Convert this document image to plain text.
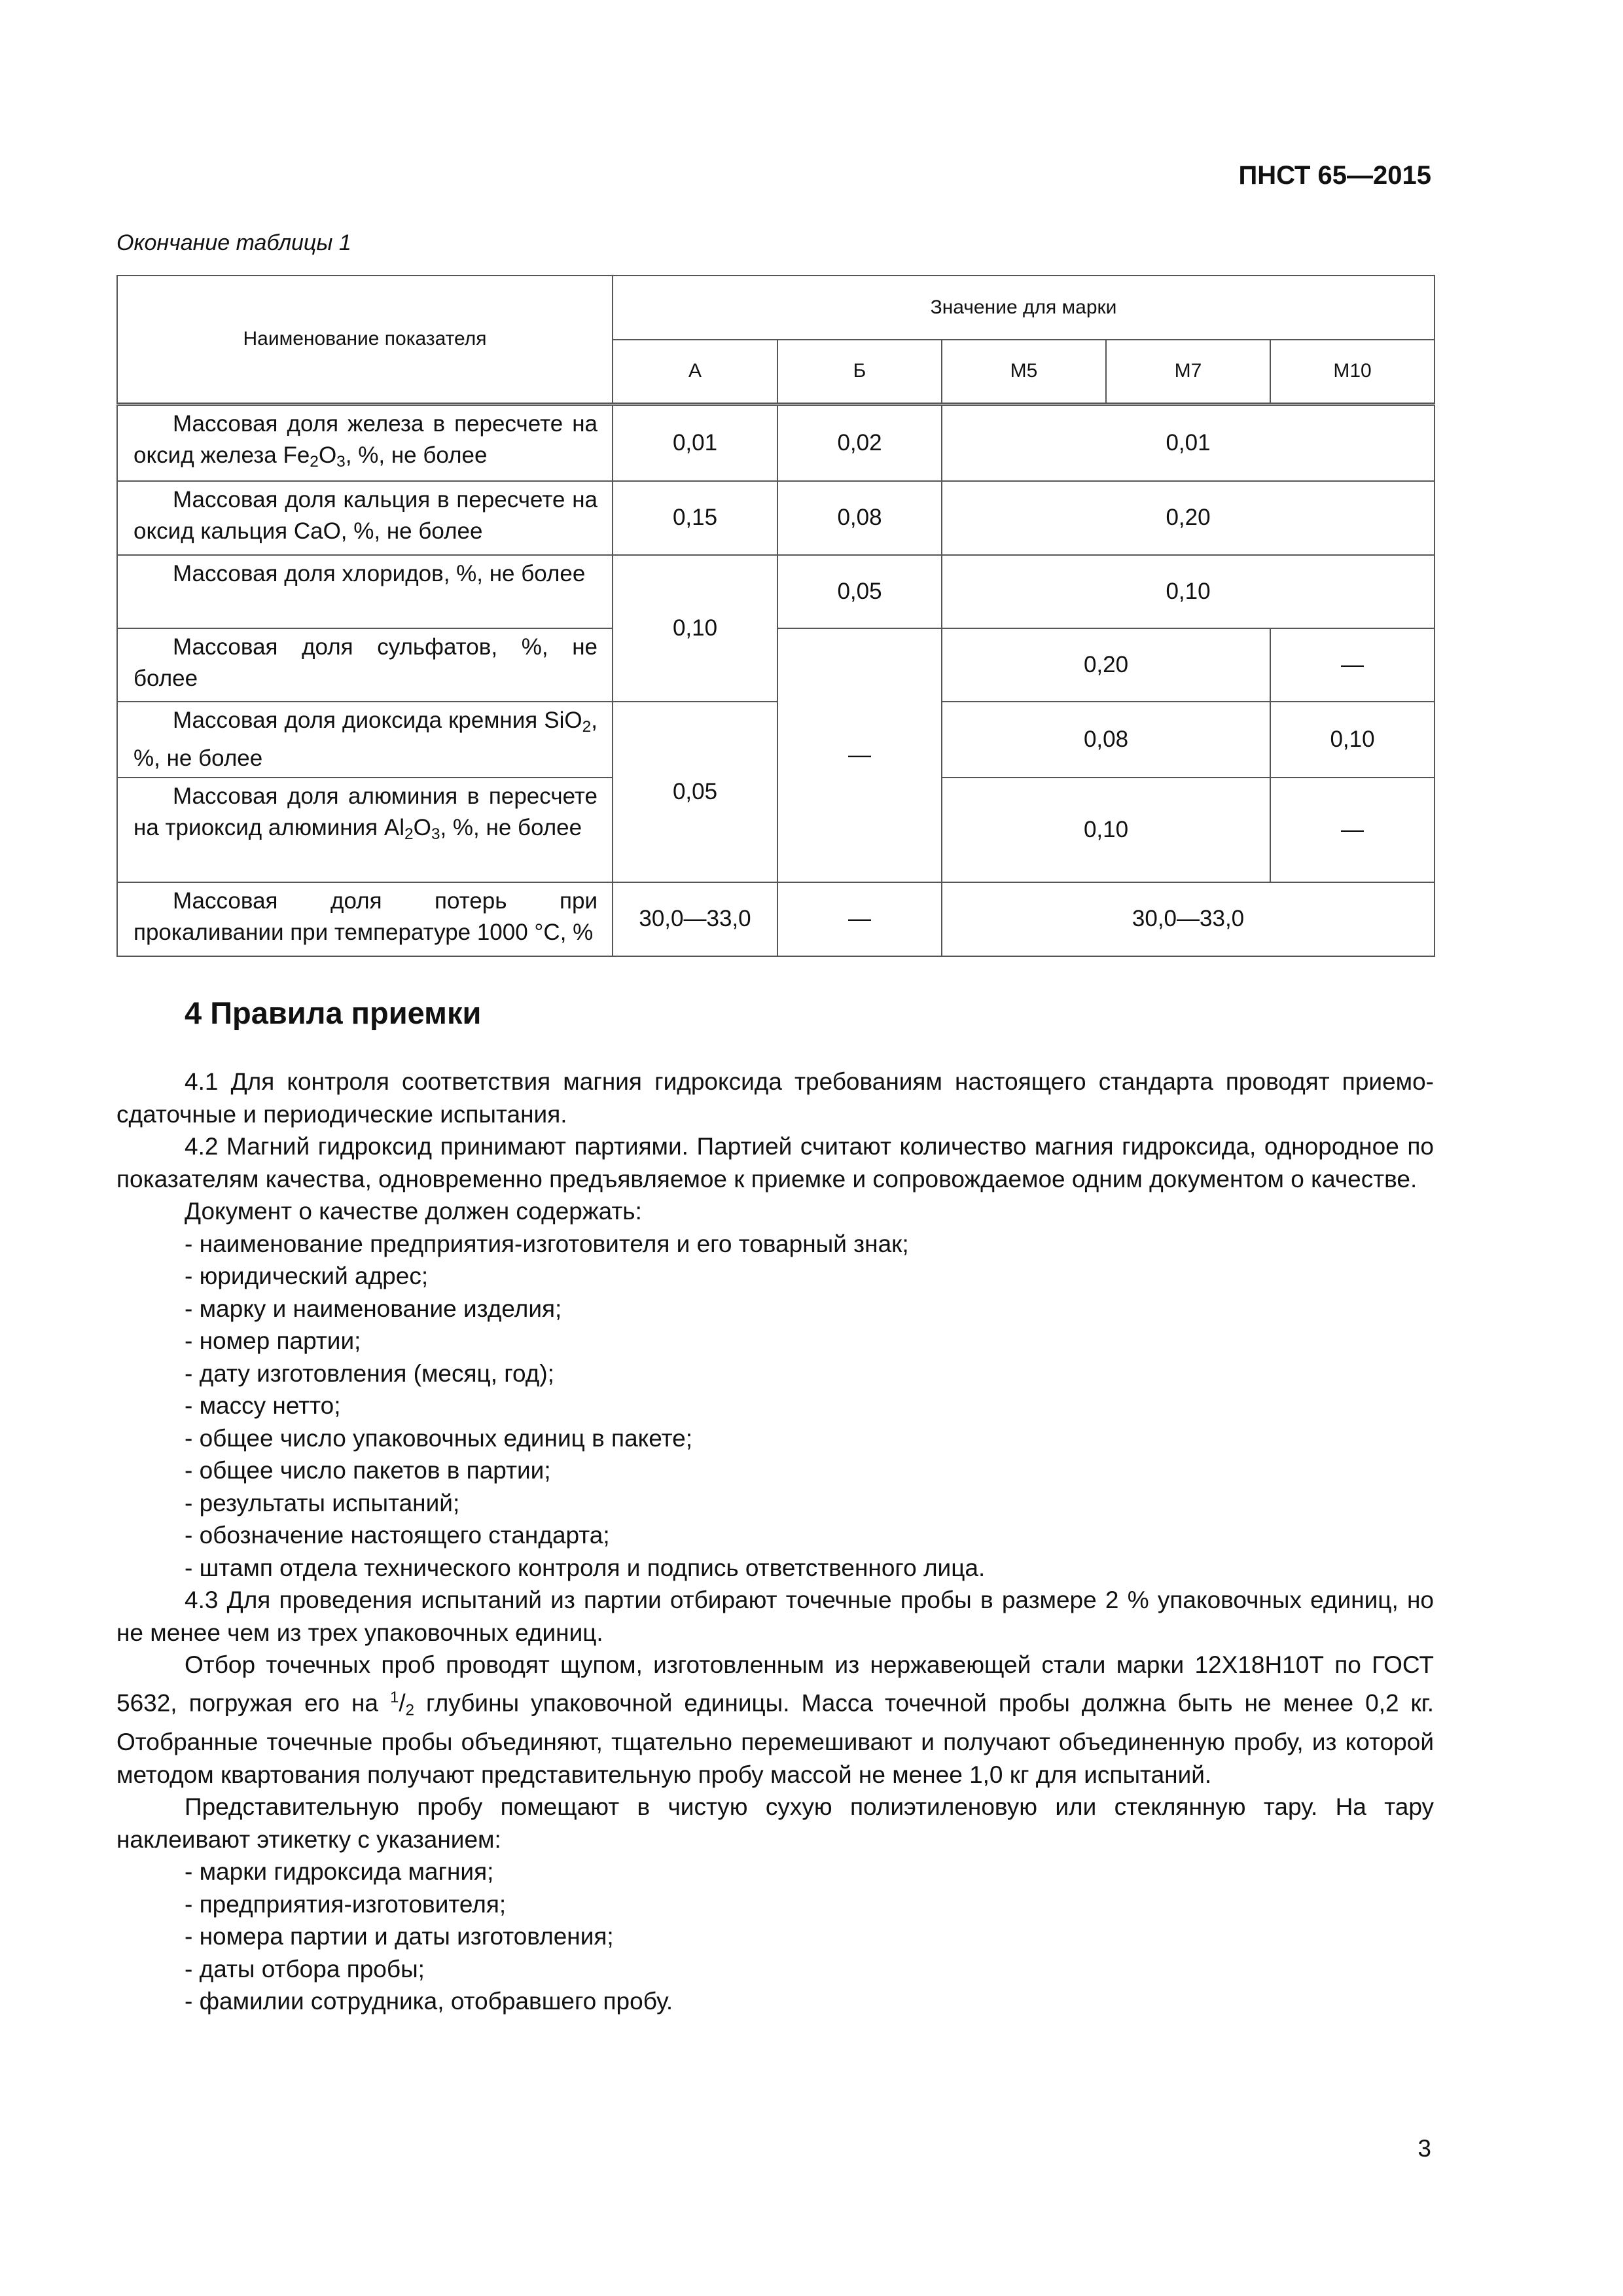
ПНСТ 65—2015
Окончание таблицы 1
Наименование показателя	Значение для марки				
	А	Б	М5	М7	М10
Массовая доля железа в пересчете на оксид железа $Fe_2O_3$, %, не более	0,01	0,02	0,01		
Массовая доля кальция в пересчете на оксид кальция CaO, %, не более	0,15	0,08	0,20		
Массовая доля хлоридов, %, не более	0,10	0,05	0,10		
Массовая доля сульфатов, %, не более		—	0,20		—
Массовая доля диоксида кремния SiO$_2$, %, не более	0,05		0,08		0,10
Массовая доля алюминия в пересчете на триоксид алюминия $Al_2O_3$, %, не более			0,10		—
Массовая доля потерь при прокаливании при температуре 1000 °C, %	30,0—33,0	—	30,0—33,0		
4 Правила приемки

4.1 Для контроля соответствия магния гидроксида требованиям настоящего стандарта проводят приемо-сдаточные и периодические испытания.

4.2 Магний гидроксид принимают партиями. Партией считают количество магния гидроксида, однородное по показателям качества, одновременно предъявляемое к приемке и сопровождаемое одним документом о качестве.

Документ о качестве должен содержать:

- наименование предприятия-изготовителя и его товарный знак;

- юридический адрес;

- марку и наименование изделия;

- номер партии;

- дату изготовления (месяц, год);

- массу нетто;

- общее число упаковочных единиц в пакете;

- общее число пакетов в партии;

- результаты испытаний;

- обозначение настоящего стандарта;

- штамп отдела технического контроля и подпись ответственного лица.

4.3 Для проведения испытаний из партии отбирают точечные пробы в размере 2 % упаковочных единиц, но не менее чем из трех упаковочных единиц.

Отбор точечных проб проводят щупом, изготовленным из нержавеющей стали марки 12Х18Н10Т по ГОСТ 5632, погружая его на $^1/_2$ глубины упаковочной единицы. Масса точечной пробы должна быть не менее 0,2 кг. Отобранные точечные пробы объединяют, тщательно перемешивают и получают объединенную пробу, из которой методом квартования получают представительную пробу массой не менее 1,0 кг для испытаний.

Представительную пробу помещают в чистую сухую полиэтиленовую или стеклянную тару. На тару наклеивают этикетку с указанием:

- марки гидроксида магния;

- предприятия-изготовителя;

- номера партии и даты изготовления;

- даты отбора пробы;

- фамилии сотрудника, отобравшего пробу.

3
